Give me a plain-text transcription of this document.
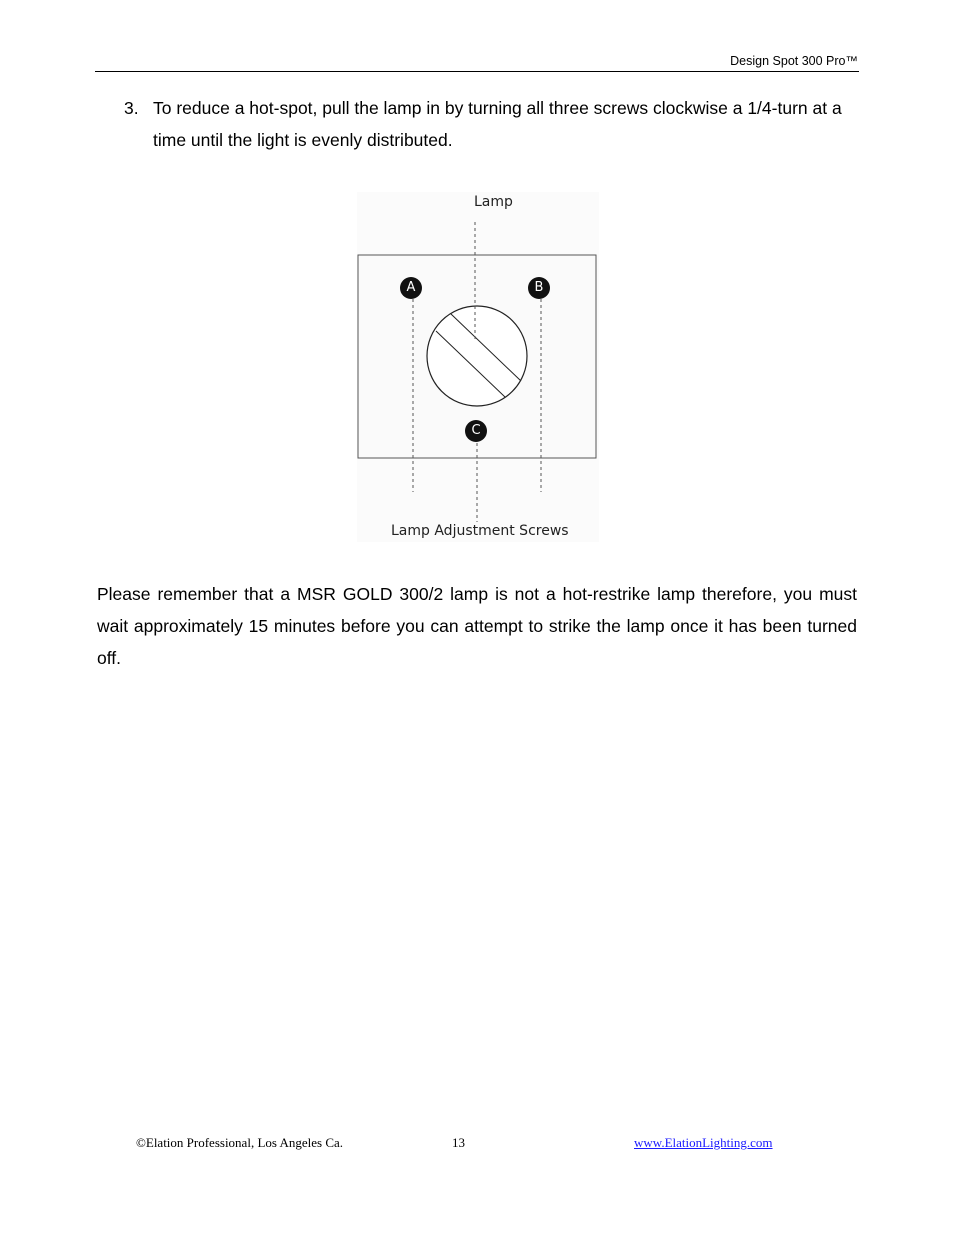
Design Spot 300 Pro™
3. To reduce a hot-spot, pull the lamp in by turning all three screws clockwise a 1/4-turn at a time until the light is evenly distributed.
Lamp
A	B
C
Lamp Adjustment Screws
Please remember that a MSR GOLD 300/2 lamp is not a hot-restrike lamp therefore, you must wait approximately 15 minutes before you can attempt to strike the lamp once it has been turned off.
©Elation Professional, Los Angeles Ca.	13	www.ElationLighting.com
